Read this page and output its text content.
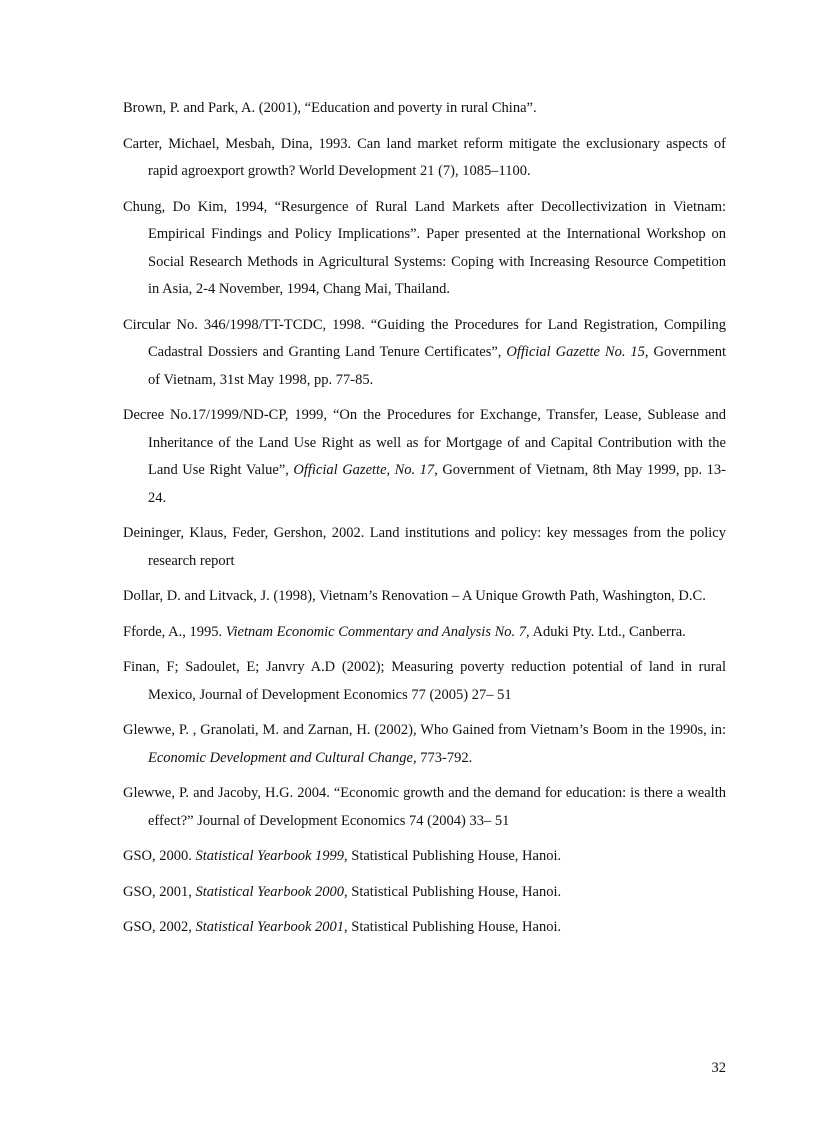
Brown, P. and Park, A. (2001), “Education and poverty in rural China”.
Carter, Michael, Mesbah, Dina, 1993. Can land market reform mitigate the exclusionary aspects of rapid agroexport growth? World Development 21 (7), 1085–1100.
Chung, Do Kim, 1994, “Resurgence of Rural Land Markets after Decollectivization in Vietnam: Empirical Findings and Policy Implications”. Paper presented at the International Workshop on Social Research Methods in Agricultural Systems: Coping with Increasing Resource Competition in Asia, 2-4 November, 1994, Chang Mai, Thailand.
Circular No. 346/1998/TT-TCDC, 1998. “Guiding the Procedures for Land Registration, Compiling Cadastral Dossiers and Granting Land Tenure Certificates”, Official Gazette No. 15, Government of Vietnam, 31st May 1998, pp. 77-85.
Decree No.17/1999/ND-CP, 1999, “On the Procedures for Exchange, Transfer, Lease, Sublease and Inheritance of the Land Use Right as well as for Mortgage of and Capital Contribution with the Land Use Right Value”, Official Gazette, No. 17, Government of Vietnam, 8th May 1999, pp. 13-24.
Deininger, Klaus, Feder, Gershon, 2002. Land institutions and policy: key messages from the policy research report
Dollar, D. and Litvack, J. (1998), Vietnam’s Renovation – A Unique Growth Path, Washington, D.C.
Fforde, A., 1995. Vietnam Economic Commentary and Analysis No. 7, Aduki Pty. Ltd., Canberra.
Finan, F; Sadoulet, E; Janvry A.D (2002); Measuring poverty reduction potential of land in rural Mexico, Journal of Development Economics 77 (2005) 27– 51
Glewwe, P. , Granolati, M. and Zarnan, H. (2002), Who Gained from Vietnam’s Boom in the 1990s, in: Economic Development and Cultural Change, 773-792.
Glewwe, P. and Jacoby, H.G. 2004. “Economic growth and the demand for education: is there a wealth effect?” Journal of Development Economics 74 (2004) 33– 51
GSO, 2000. Statistical Yearbook 1999, Statistical Publishing House, Hanoi.
GSO, 2001, Statistical Yearbook 2000, Statistical Publishing House, Hanoi.
GSO, 2002, Statistical Yearbook 2001, Statistical Publishing House, Hanoi.
32
